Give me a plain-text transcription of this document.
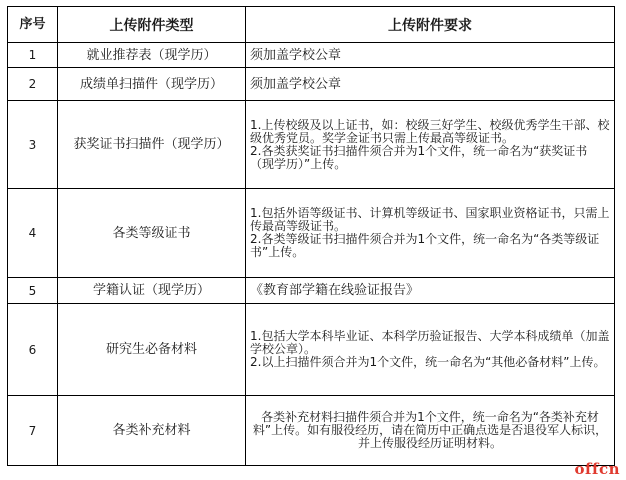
序号	上传附件类型	上传附件要求
1	就业推荐表（现学历）	须加盖学校公章

2	成绩单扫描件（现学历）	须加盖学校公章

3	获奖证书扫描件（现学历）	1.上传校级及以上证书，如：校级三好学生、校级优秀学生干部、校级优秀党员。奖学金证书只需上传最高等级证书。
2.各类获奖证书扫描件须合并为1个文件，统一命名为“获奖证书（现学历）”上传。

4	各类等级证书	1.包括外语等级证书、计算机等级证书、国家职业资格证书，只需上传最高等级证书。
2.各类等级证书扫描件须合并为1个文件，统一命名为“各类等级证书”上传。

5	学籍认证（现学历）	《教育部学籍在线验证报告》

6	研究生必备材料	1.包括大学本科毕业证、本科学历验证报告、大学本科成绩单（加盖学校公章）。
2.以上扫描件须合并为1个文件，统一命名为“其他必备材料”上传。

7	各类补充材料	各类补充材料扫描件须合并为1个文件，统一命名为“各类补充材料”上传。如有服役经历，请在简历中正确点选是否退役军人标识，并上传服役经历证明材料。
offcn
